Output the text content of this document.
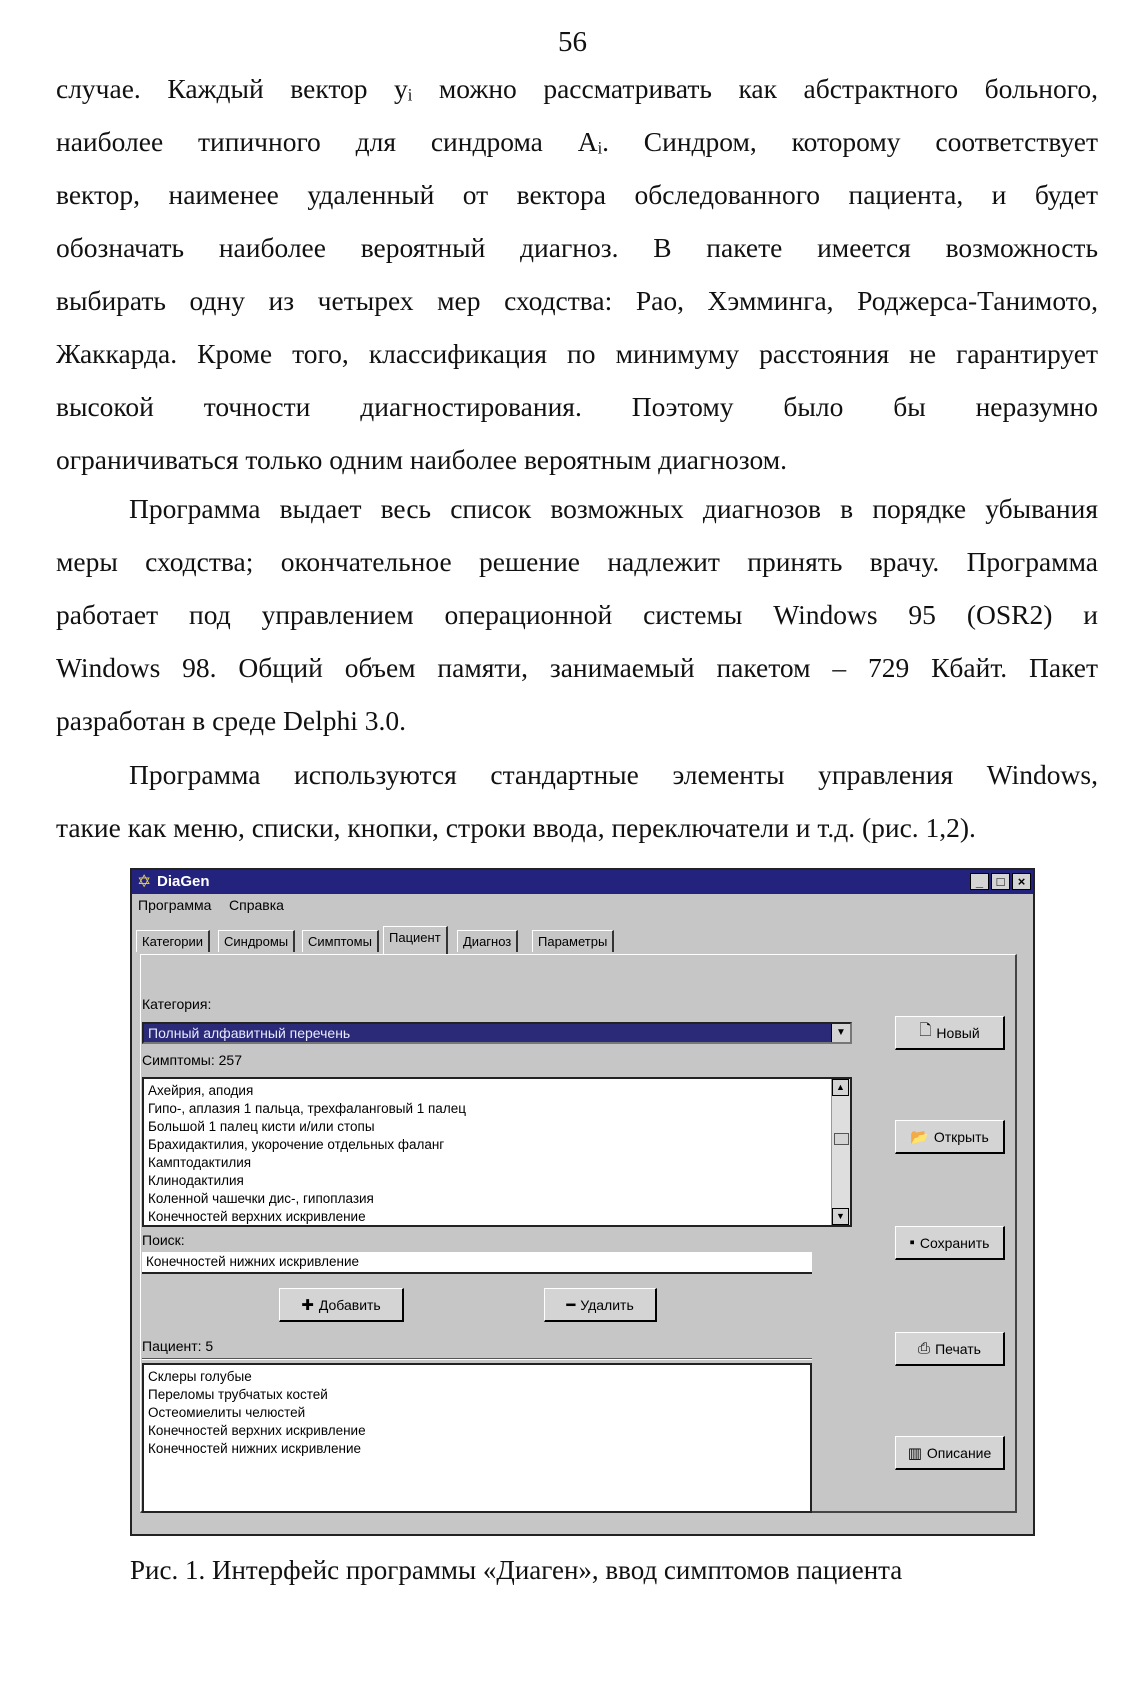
56
случае. Каждый вектор yᵢ можно рассматривать как абстрактного больного,
наиболее типичного для синдрома Aᵢ. Синдром, которому соответствует
вектор, наименее удаленный от вектора обследованного пациента, и будет
обозначать наиболее вероятный диагноз. В пакете имеется возможность
выбирать одну из четырех мер сходства: Рао, Хэмминга, Роджерса-Танимото,
Жаккарда. Кроме того, классификация по минимуму расстояния не гарантирует
высокой точности диагностирования. Поэтому было бы неразумно
ограничиваться только одним наиболее вероятным диагнозом.
Программа выдает весь список возможных диагнозов в порядке убывания
меры сходства; окончательное решение надлежит принять врачу. Программа
работает под управлением операционной системы Windows 95 (OSR2) и
Windows 98. Общий объем памяти, занимаемый пакетом – 729 Кбайт. Пакет
разработан в среде Delphi 3.0.
Программа используются стандартные элементы управления Windows,
такие как меню, списки, кнопки, строки ввода, переключатели и т.д. (рис. 1,2).
✡ DiaGen	_	□	×
Программа Справка
Категории	Синдромы	Симптомы	Пациент	Диагноз	Параметры
Категория:
Полный алфавитный перечень	▼
Симптомы: 257
Ахейрия, аподия
Гипо-, аплазия 1 пальца, трехфаланговый 1 палец
Большой 1 палец кисти и/или стопы
Брахидактилия, укорочение отдельных фаланг
Камптодактилия
Клинодактилия
Коленной чашечки дис-, гипоплазия
Конечностей верхних искривление
▲
▼
Поиск:
Конечностей нижних искривление
✚ Добавить	━ Удалить
Пациент: 5
Склеры голубые
Переломы трубчатых костей
Остеомиелиты челюстей
Конечностей верхних искривление
Конечностей нижних искривление
🗋 Новый
📂 Открыть
▪ Сохранить
⎙ Печать
▥ Описание
Рис. 1. Интерфейс программы «Диаген», ввод симптомов пациента
